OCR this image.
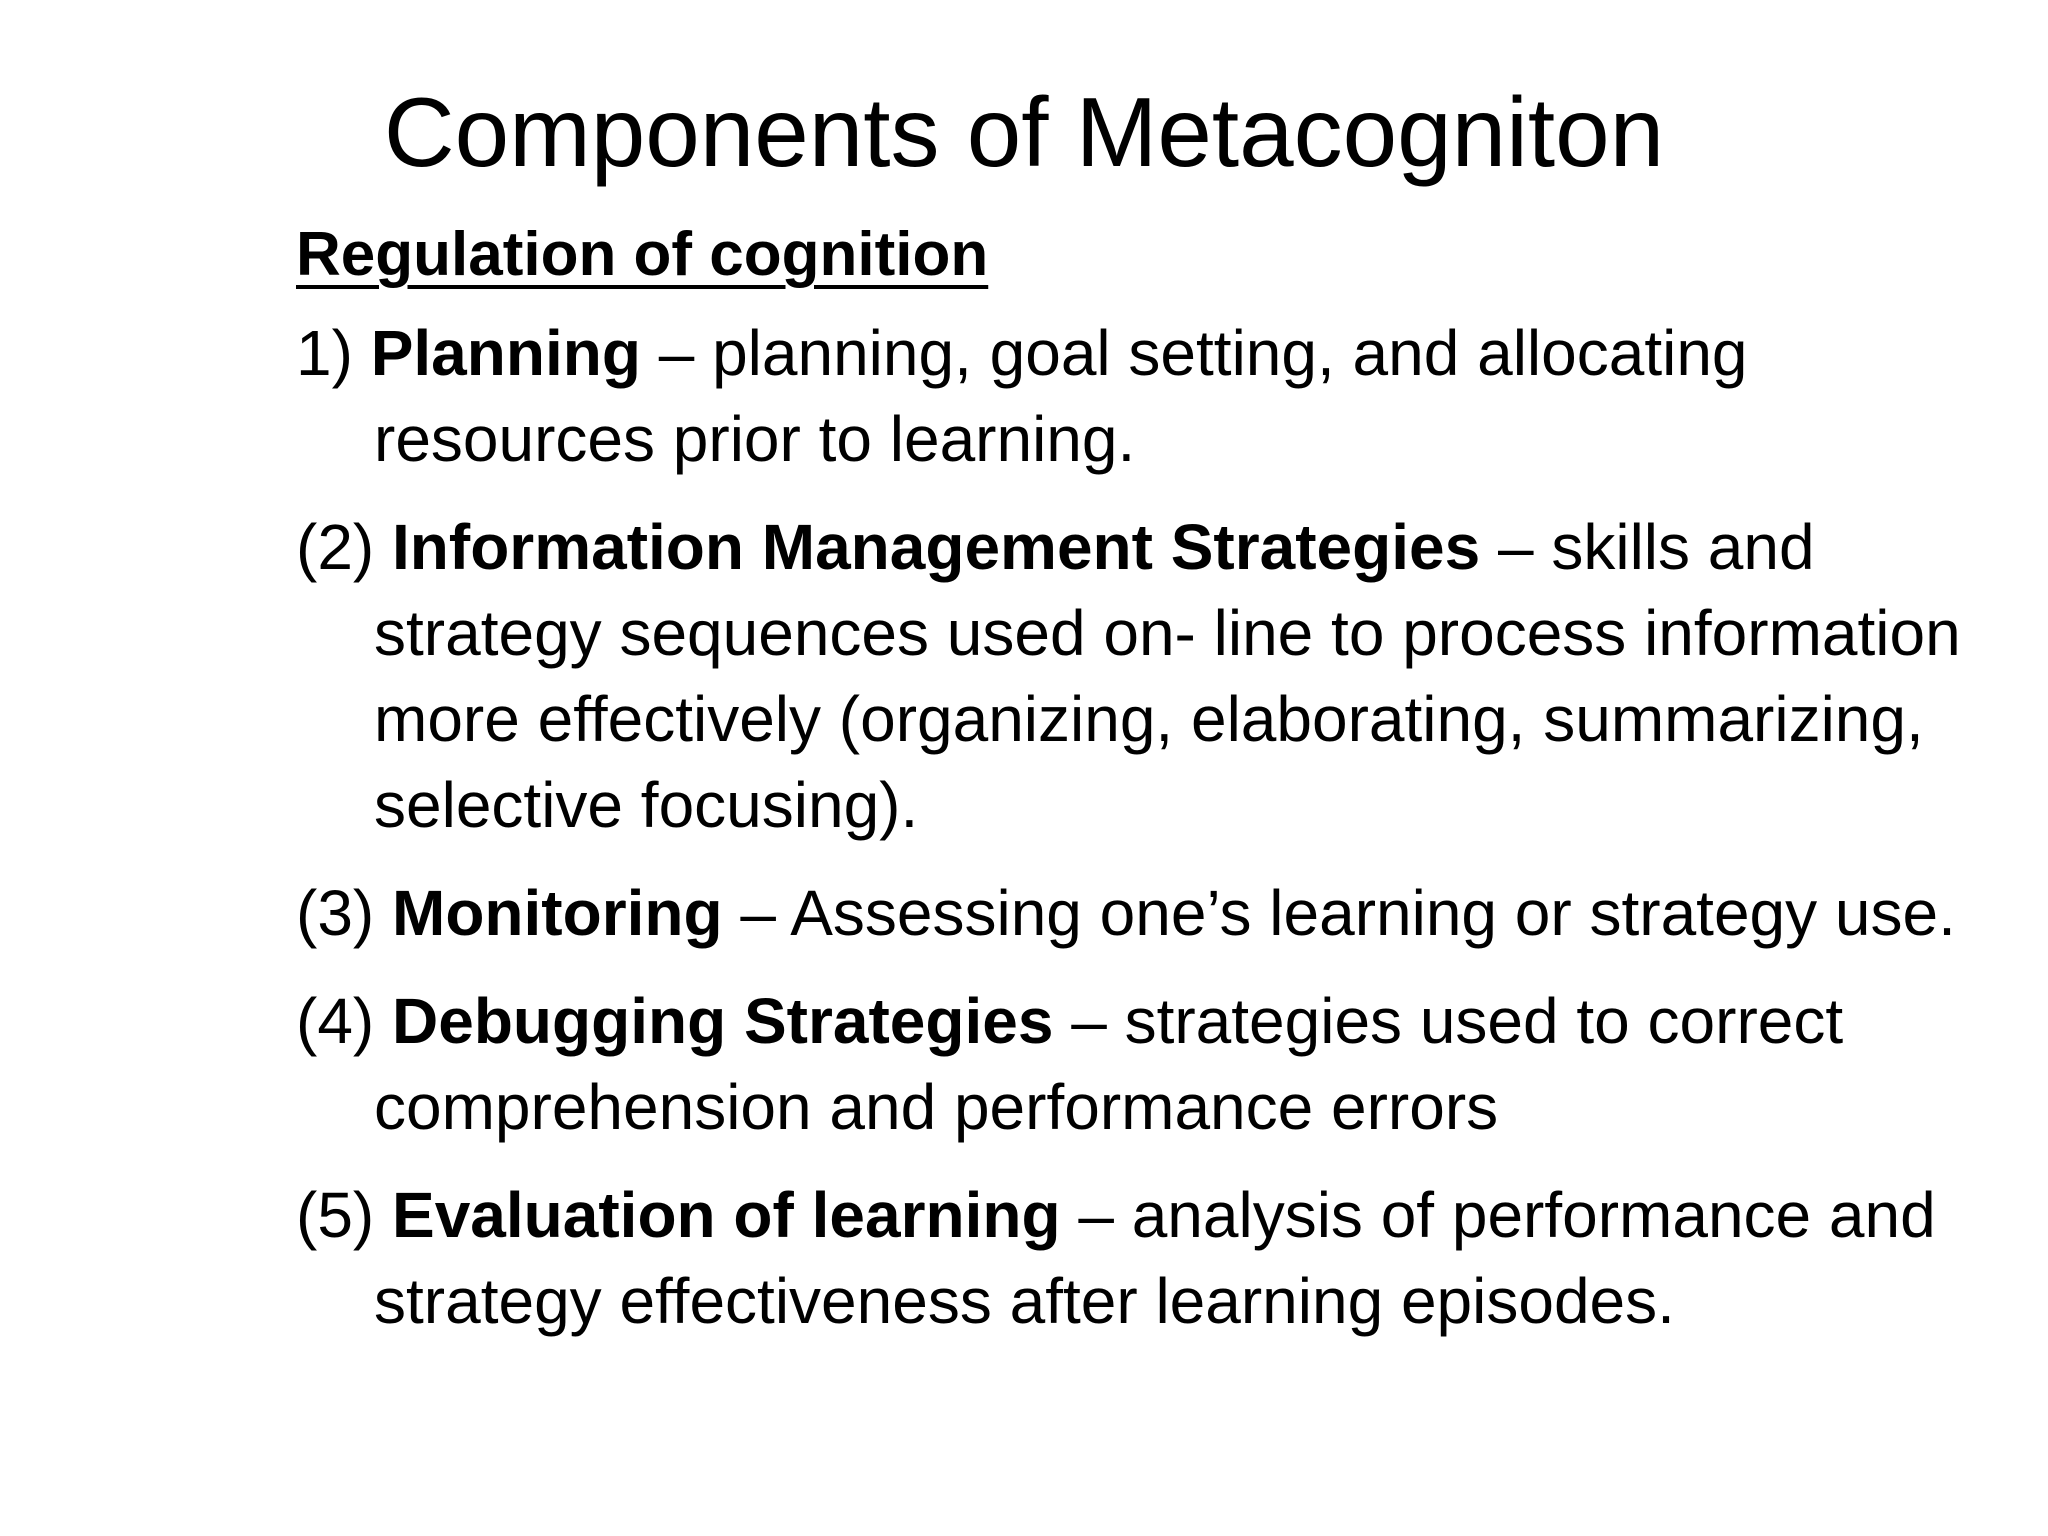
Components of Metacogniton
Regulation of cognition

1) Planning – planning, goal setting, and allocating resources prior to learning.

(2) Information Management Strategies – skills and strategy sequences used on- line to process information more effectively (organizing, elaborating, summarizing, selective focusing).

(3) Monitoring – Assessing one’s learning or strategy use.

(4) Debugging Strategies – strategies used to correct comprehension and performance errors

(5) Evaluation of learning – analysis of performance and strategy effectiveness after learning episodes.
